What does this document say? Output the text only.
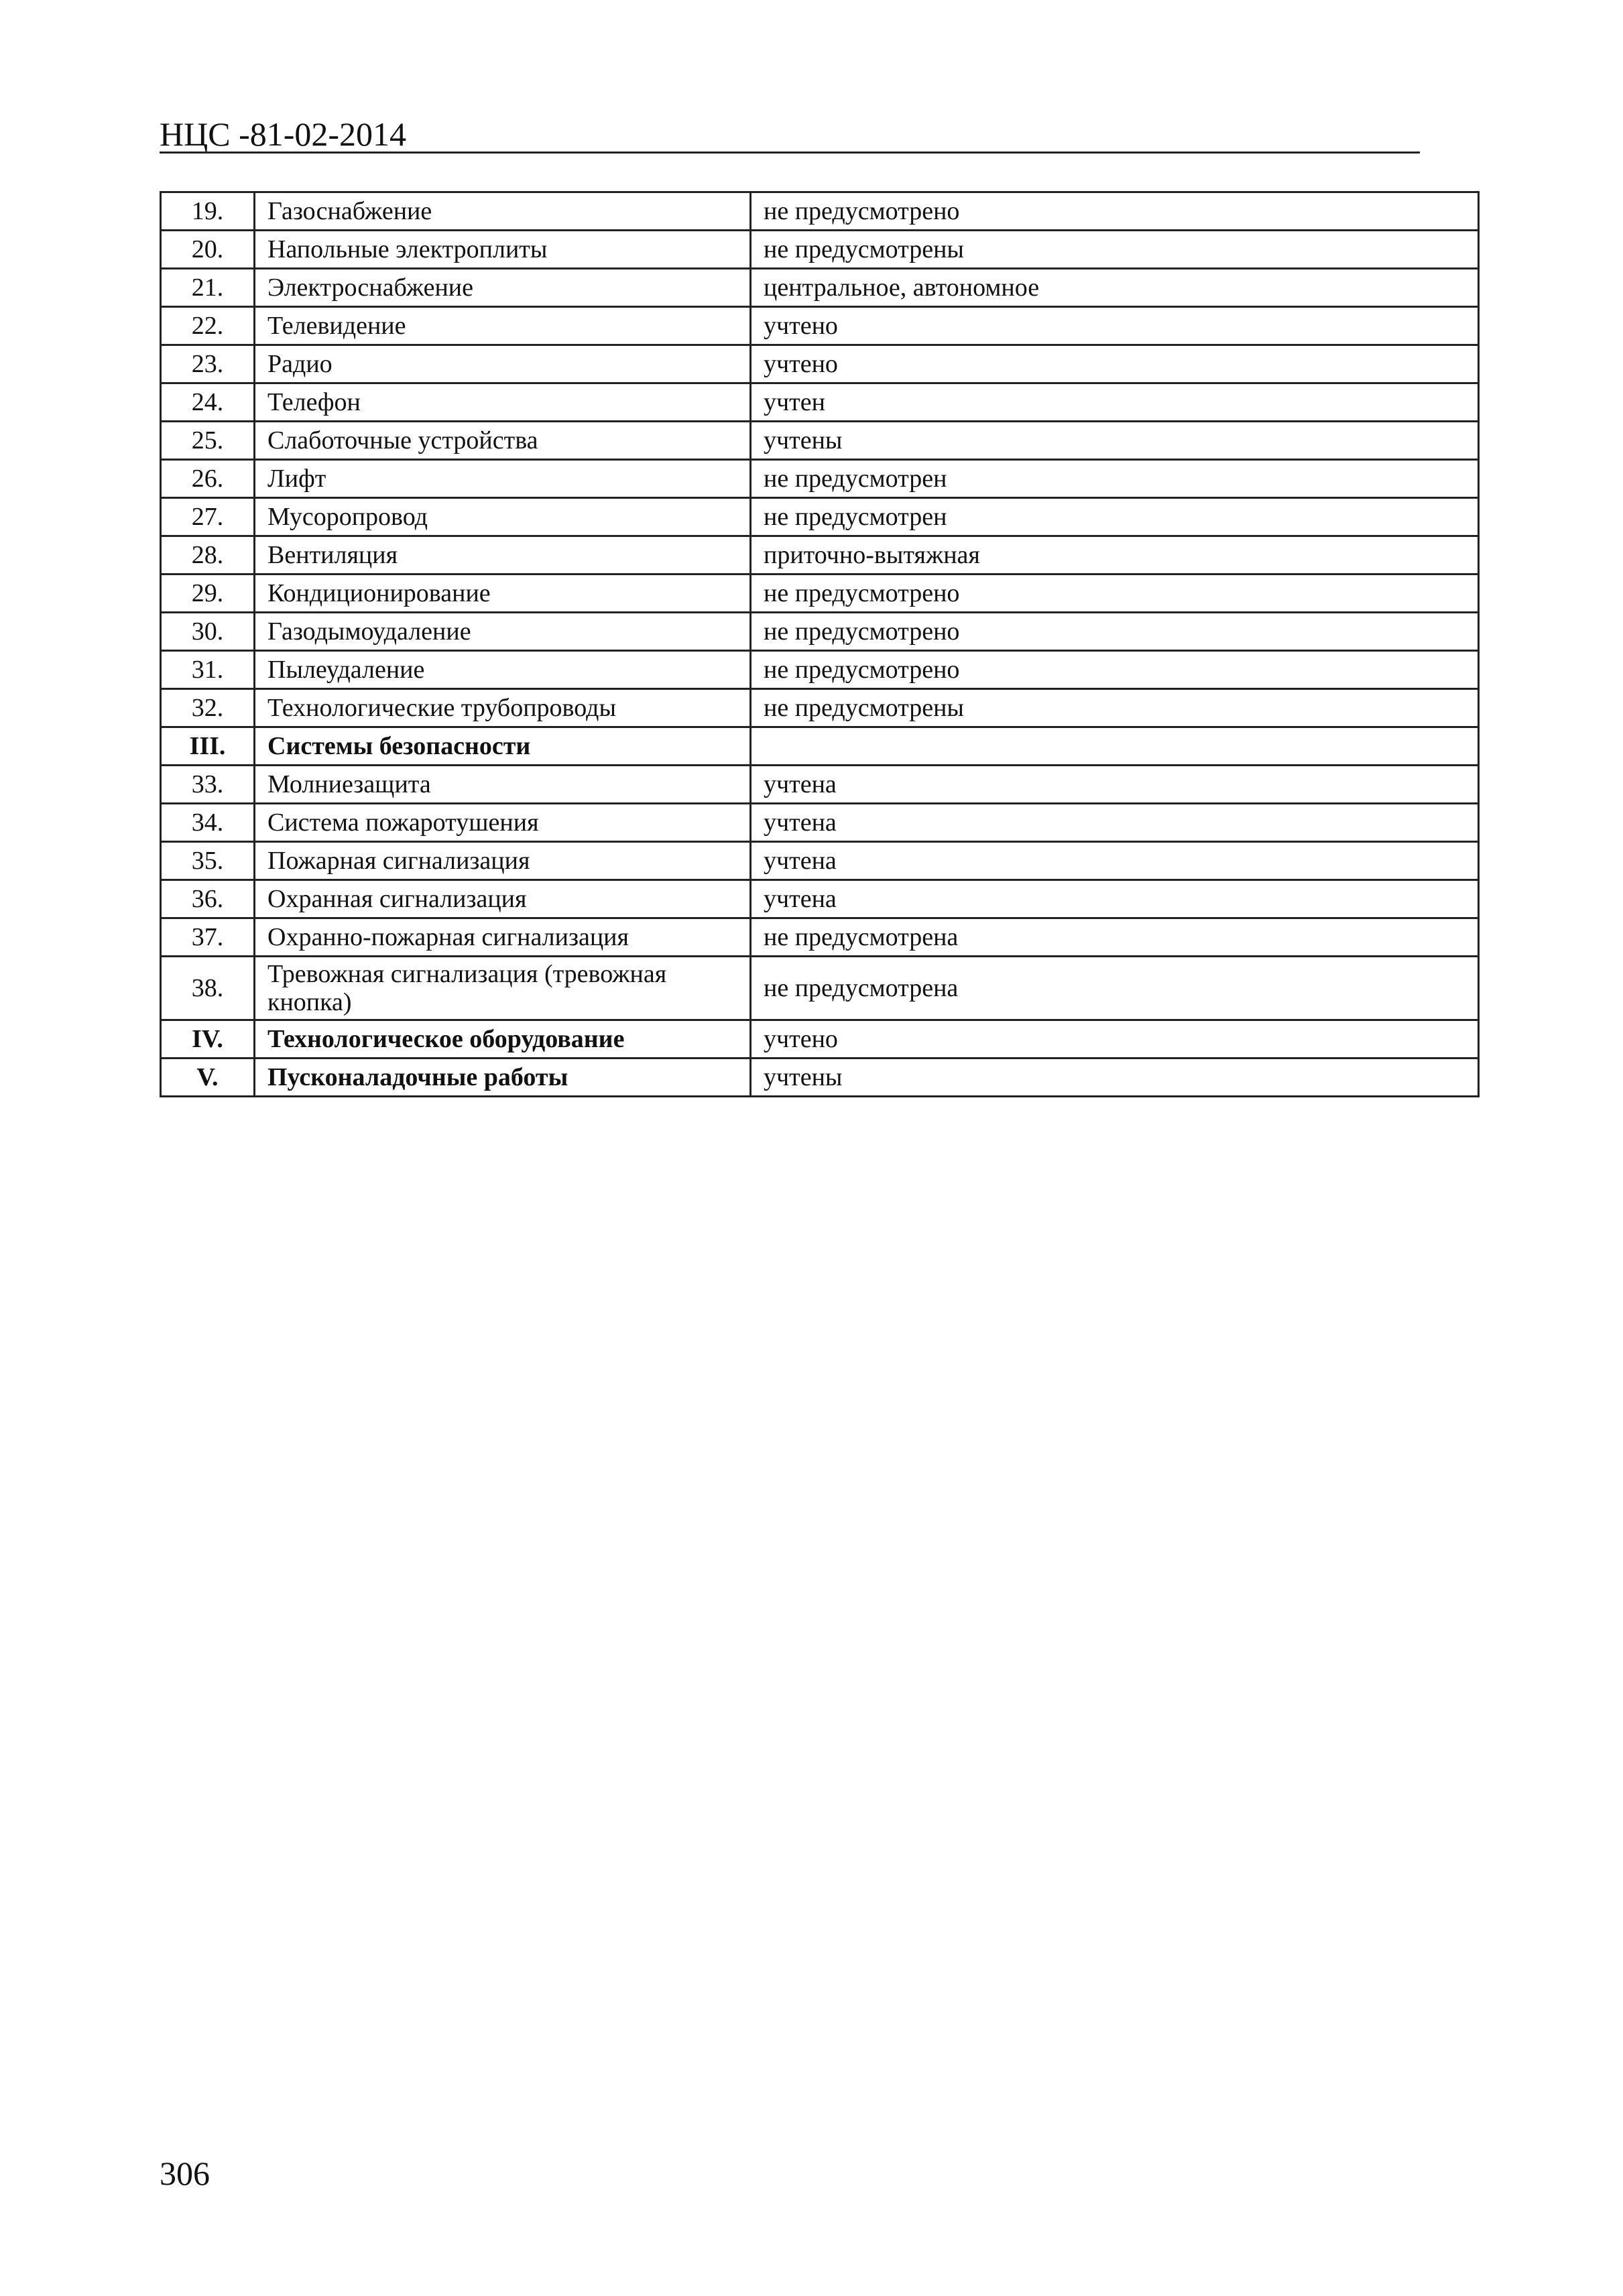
НЦС -81-02-2014
19.	Газоснабжение	не предусмотрено
20.	Напольные электроплиты	не предусмотрены
21.	Электроснабжение	центральное, автономное
22.	Телевидение	учтено
23.	Радио	учтено
24.	Телефон	учтен
25.	Слаботочные устройства	учтены
26.	Лифт	не предусмотрен
27.	Мусоропровод	не предусмотрен
28.	Вентиляция	приточно-вытяжная
29.	Кондиционирование	не предусмотрено
30.	Газодымоудаление	не предусмотрено
31.	Пылеудаление	не предусмотрено
32.	Технологические трубопроводы	не предусмотрены
III.	Системы безопасности	
33.	Молниезащита	учтена
34.	Система пожаротушения	учтена
35.	Пожарная сигнализация	учтена
36.	Охранная сигнализация	учтена
37.	Охранно-пожарная сигнализация	не предусмотрена
38.	Тревожная сигнализация (тревожная кнопка)	не предусмотрена
IV.	Технологическое оборудование	учтено
V.	Пусконаладочные работы	учтены
306
